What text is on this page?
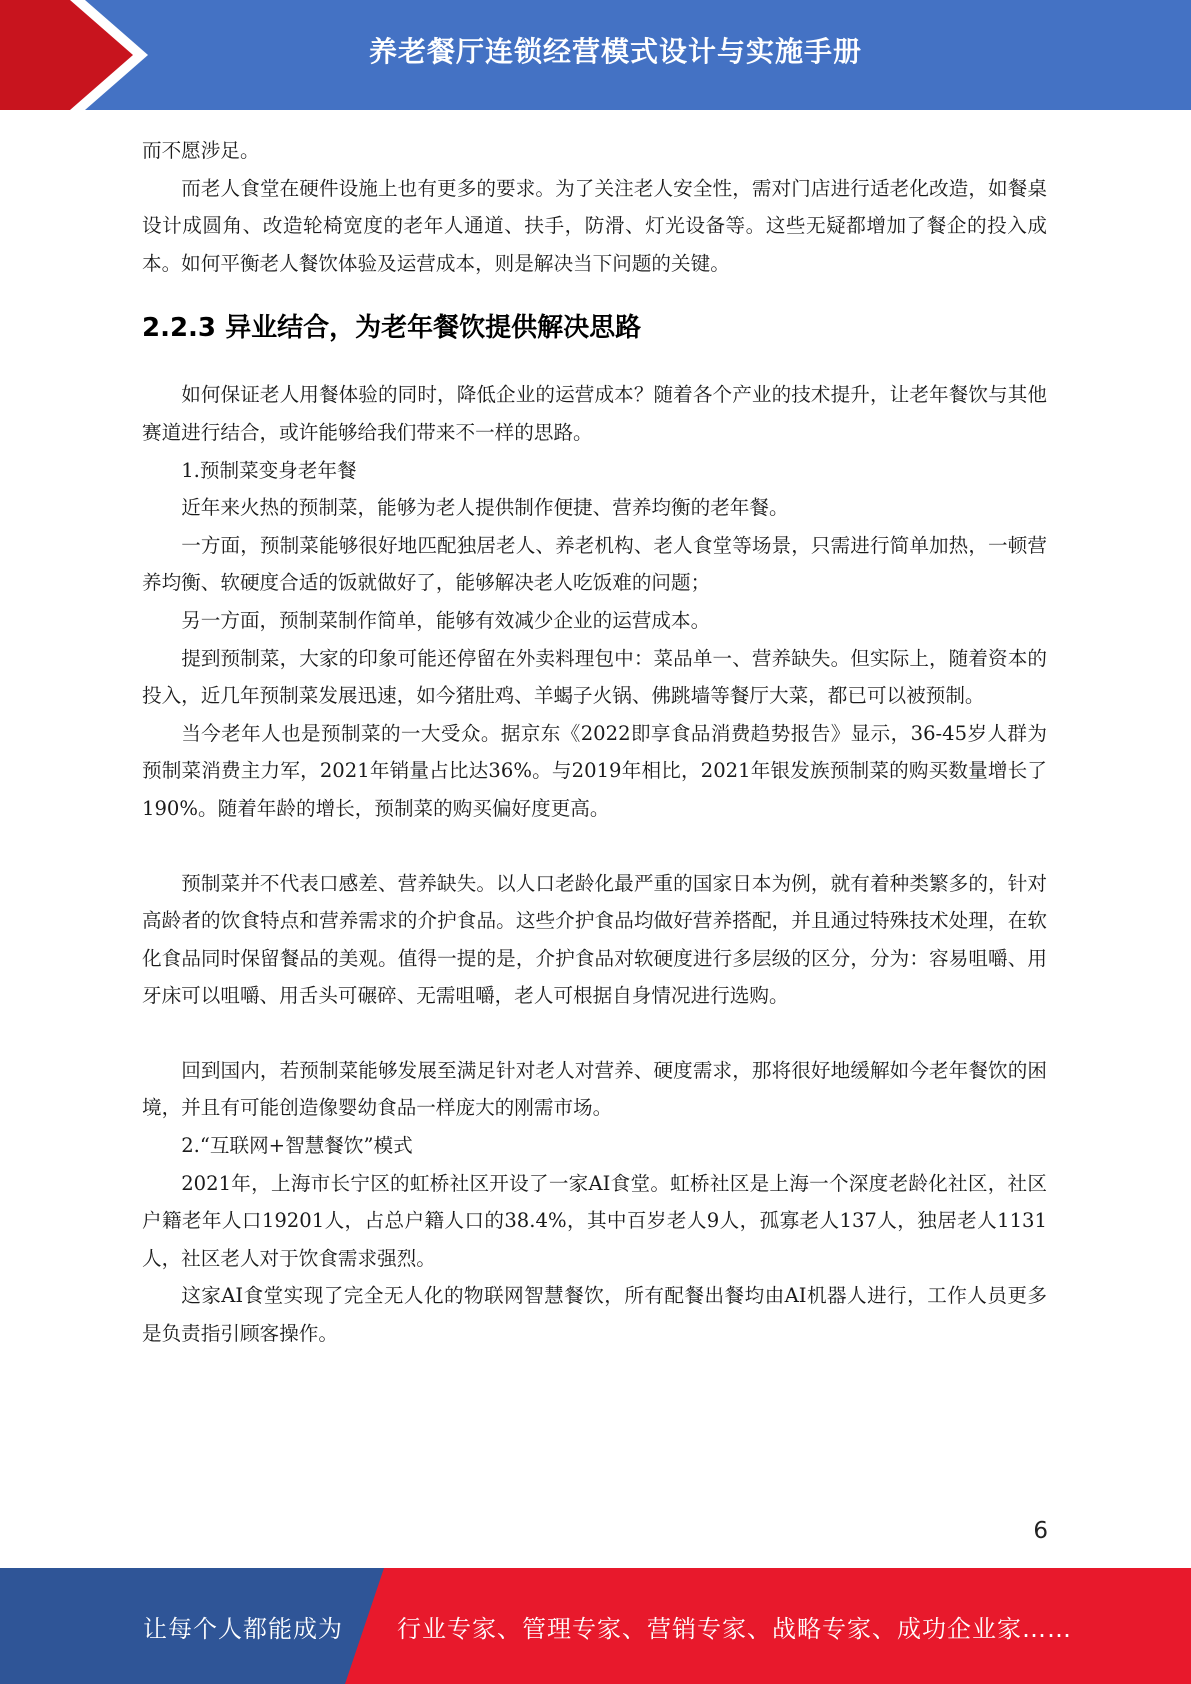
养老餐厅连锁经营模式设计与实施手册

而不愿涉足。

而老人食堂在硬件设施上也有更多的要求。为了关注老人安全性，需对门店进行适老化改造，如餐桌设计成圆角、改造轮椅宽度的老年人通道、扶手，防滑、灯光设备等。这些无疑都增加了餐企的投入成本。如何平衡老人餐饮体验及运营成本，则是解决当下问题的关键。

2.2.3 异业结合，为老年餐饮提供解决思路

如何保证老人用餐体验的同时，降低企业的运营成本？随着各个产业的技术提升，让老年餐饮与其他赛道进行结合，或许能够给我们带来不一样的思路。

1.预制菜变身老年餐

近年来火热的预制菜，能够为老人提供制作便捷、营养均衡的老年餐。

一方面，预制菜能够很好地匹配独居老人、养老机构、老人食堂等场景，只需进行简单加热，一顿营养均衡、软硬度合适的饭就做好了，能够解决老人吃饭难的问题；

另一方面，预制菜制作简单，能够有效减少企业的运营成本。

提到预制菜，大家的印象可能还停留在外卖料理包中：菜品单一、营养缺失。但实际上，随着资本的投入，近几年预制菜发展迅速，如今猪肚鸡、羊蝎子火锅、佛跳墙等餐厅大菜，都已可以被预制。

当今老年人也是预制菜的一大受众。据京东《2022即享食品消费趋势报告》显示，36-45岁人群为预制菜消费主力军，2021年销量占比达36%。与2019年相比，2021年银发族预制菜的购买数量增长了190%。随着年龄的增长，预制菜的购买偏好度更高。

预制菜并不代表口感差、营养缺失。以人口老龄化最严重的国家日本为例，就有着种类繁多的，针对高龄者的饮食特点和营养需求的介护食品。这些介护食品均做好营养搭配，并且通过特殊技术处理，在软化食品同时保留餐品的美观。值得一提的是，介护食品对软硬度进行多层级的区分，分为：容易咀嚼、用牙床可以咀嚼、用舌头可碾碎、无需咀嚼，老人可根据自身情况进行选购。

回到国内，若预制菜能够发展至满足针对老人对营养、硬度需求，那将很好地缓解如今老年餐饮的困境，并且有可能创造像婴幼食品一样庞大的刚需市场。

2.“互联网+智慧餐饮”模式

2021年，上海市长宁区的虹桥社区开设了一家AI食堂。虹桥社区是上海一个深度老龄化社区，社区户籍老年人口19201人，占总户籍人口的38.4%，其中百岁老人9人，孤寡老人137人，独居老人1131人，社区老人对于饮食需求强烈。

这家AI食堂实现了完全无人化的物联网智慧餐饮，所有配餐出餐均由AI机器人进行，工作人员更多是负责指引顾客操作。

6
让每个人都能成为 行业专家、管理专家、营销专家、战略专家、成功企业家……
